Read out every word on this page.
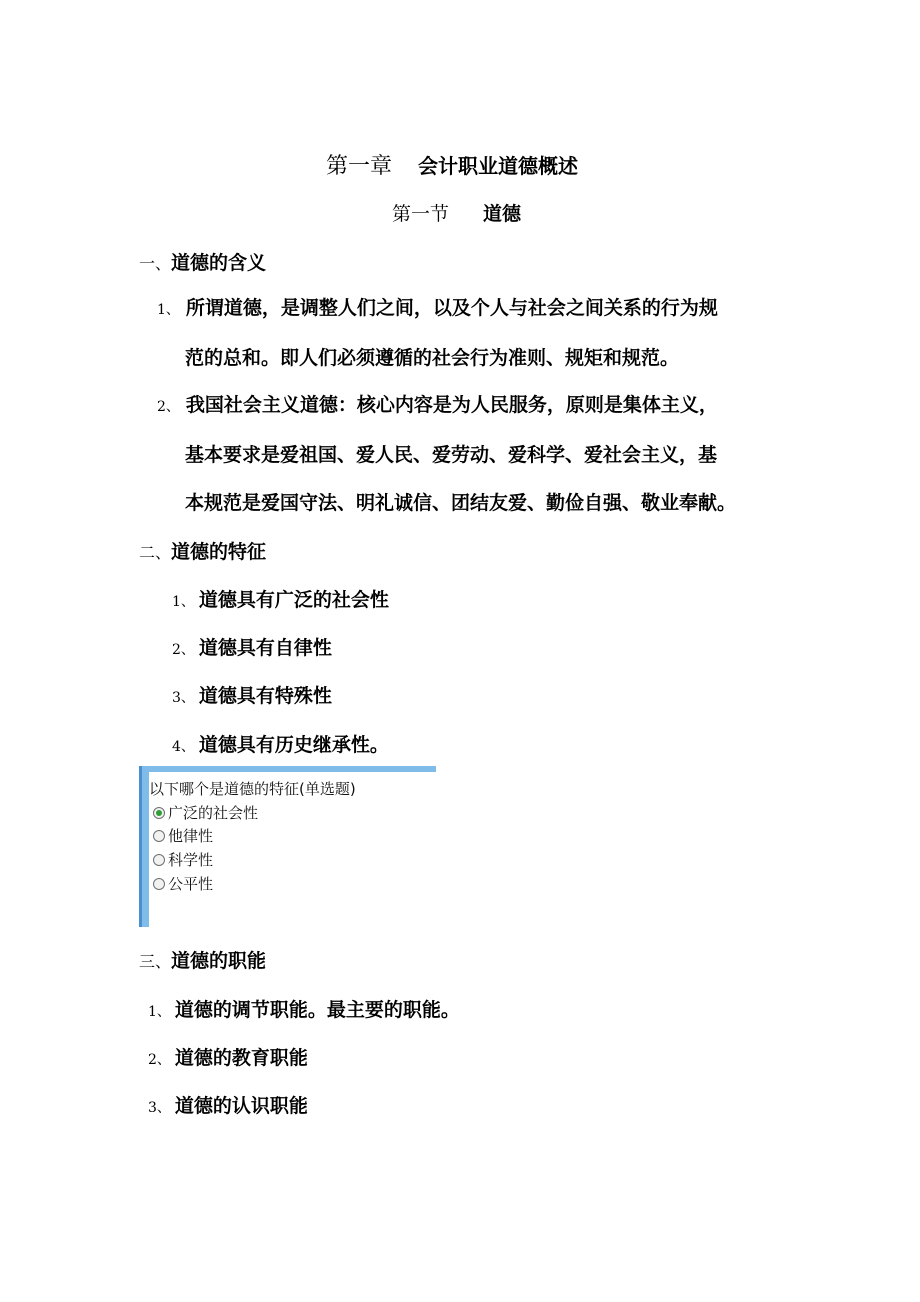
第一章 会计职业道德概述
第一节 道德
一、道德的含义
1、 所谓道德，是调整人们之间，以及个人与社会之间关系的行为规
范的总和。即人们必须遵循的社会行为准则、规矩和规范。
2、 我国社会主义道德：核心内容是为人民服务，原则是集体主义，
基本要求是爱祖国、爱人民、爱劳动、爱科学、爱社会主义，基
本规范是爱国守法、明礼诚信、团结友爱、勤俭自强、敬业奉献。
二、道德的特征
1、 道德具有广泛的社会性
2、 道德具有自律性
3、 道德具有特殊性
4、 道德具有历史继承性。
以下哪个是道德的特征(单选题)
广泛的社会性
他律性
科学性
公平性
三、道德的职能
1、 道德的调节职能。最主要的职能。
2、 道德的教育职能
3、 道德的认识职能
